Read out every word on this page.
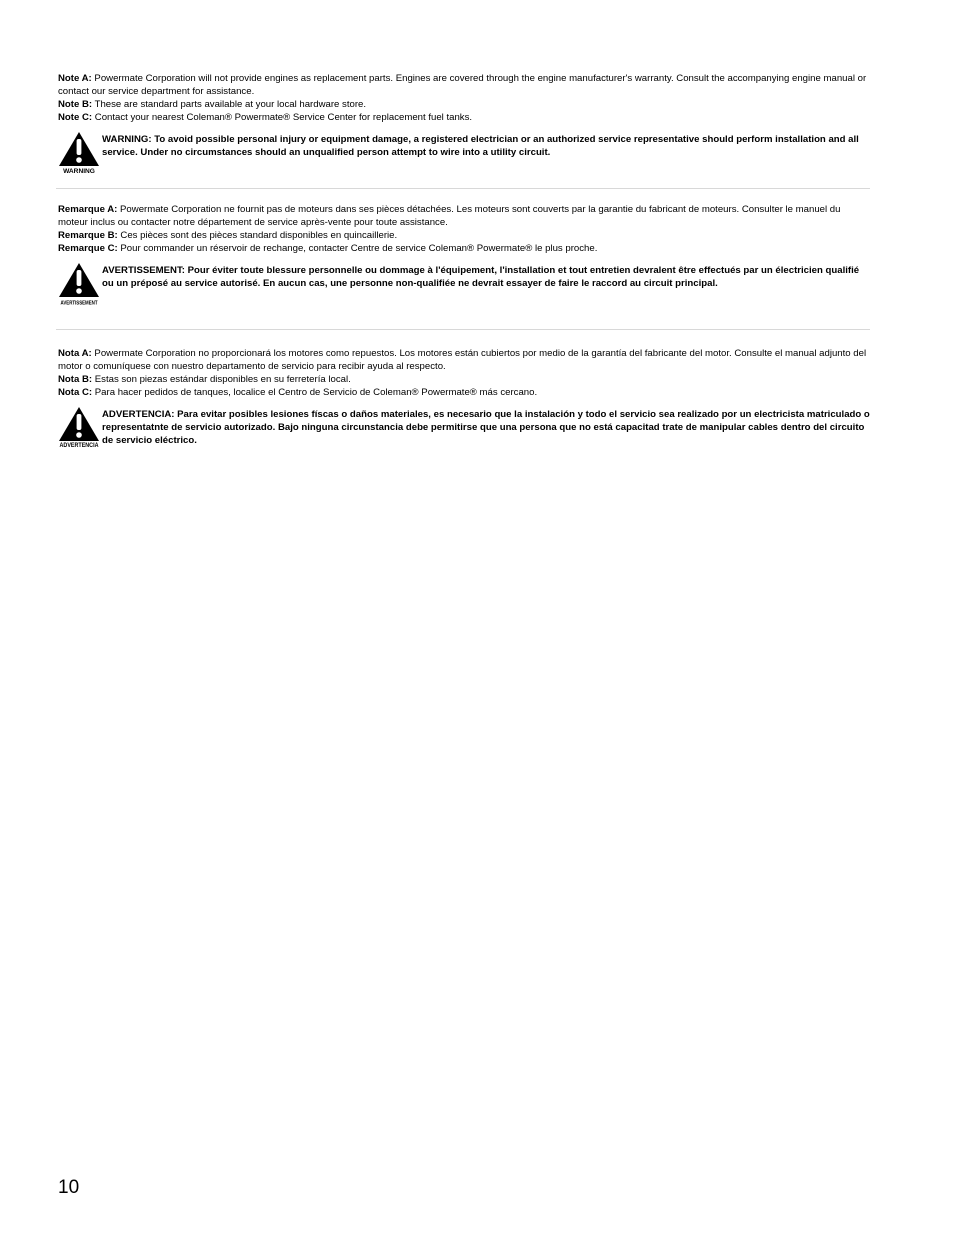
Note A: Powermate Corporation will not provide engines as replacement parts. Engines are covered through the engine manufacturer's warranty. Consult the accompanying engine manual or contact our service department for assistance.

Note B: These are standard parts available at your local hardware store.

Note C: Contact your nearest Coleman® Powermate® Service Center for replacement fuel tanks.

WARNING
WARNING: To avoid possible personal injury or equipment damage, a registered electrician or an authorized service representative should perform installation and all service. Under no circumstances should an unqualified person attempt to wire into a utility circuit.

Remarque A: Powermate Corporation ne fournit pas de moteurs dans ses pièces détachées. Les moteurs sont couverts par la garantie du fabricant de moteurs. Consulter le manuel du moteur inclus ou contacter notre département de service après-vente pour toute assistance.

Remarque B: Ces pièces sont des pièces standard disponibles en quincaillerie.

Remarque C: Pour commander un réservoir de rechange, contacter Centre de service Coleman® Powermate® le plus proche.

AVERTISSEMENT
AVERTISSEMENT: Pour éviter toute blessure personnelle ou dommage à l'équipement, l'installation et tout entretien devralent être effectués par un électricien qualifié ou un préposé au service autorisé. En aucun cas, une personne non-qualifiée ne devrait essayer de faire le raccord au circuit principal.

Nota A: Powermate Corporation no proporcionará los motores como repuestos. Los motores están cubiertos por medio de la garantía del fabricante del motor. Consulte el manual adjunto del motor o comuníquese con nuestro departamento de servicio para recibir ayuda al respecto.

Nota B: Estas son piezas estándar disponibles en su ferretería local.

Nota C: Para hacer pedidos de tanques, localice el Centro de Servicio de Coleman® Powermate® más cercano.

ADVERTENCIA
ADVERTENCIA: Para evitar posibles lesiones físcas o daños materiales, es necesario que la instalación y todo el servicio sea realizado por un electricista matriculado o representatnte de servicio autorizado. Bajo ninguna circunstancia debe permitirse que una persona que no está capacitad trate de manipular cables dentro del circuito de servicio eléctrico.
10
